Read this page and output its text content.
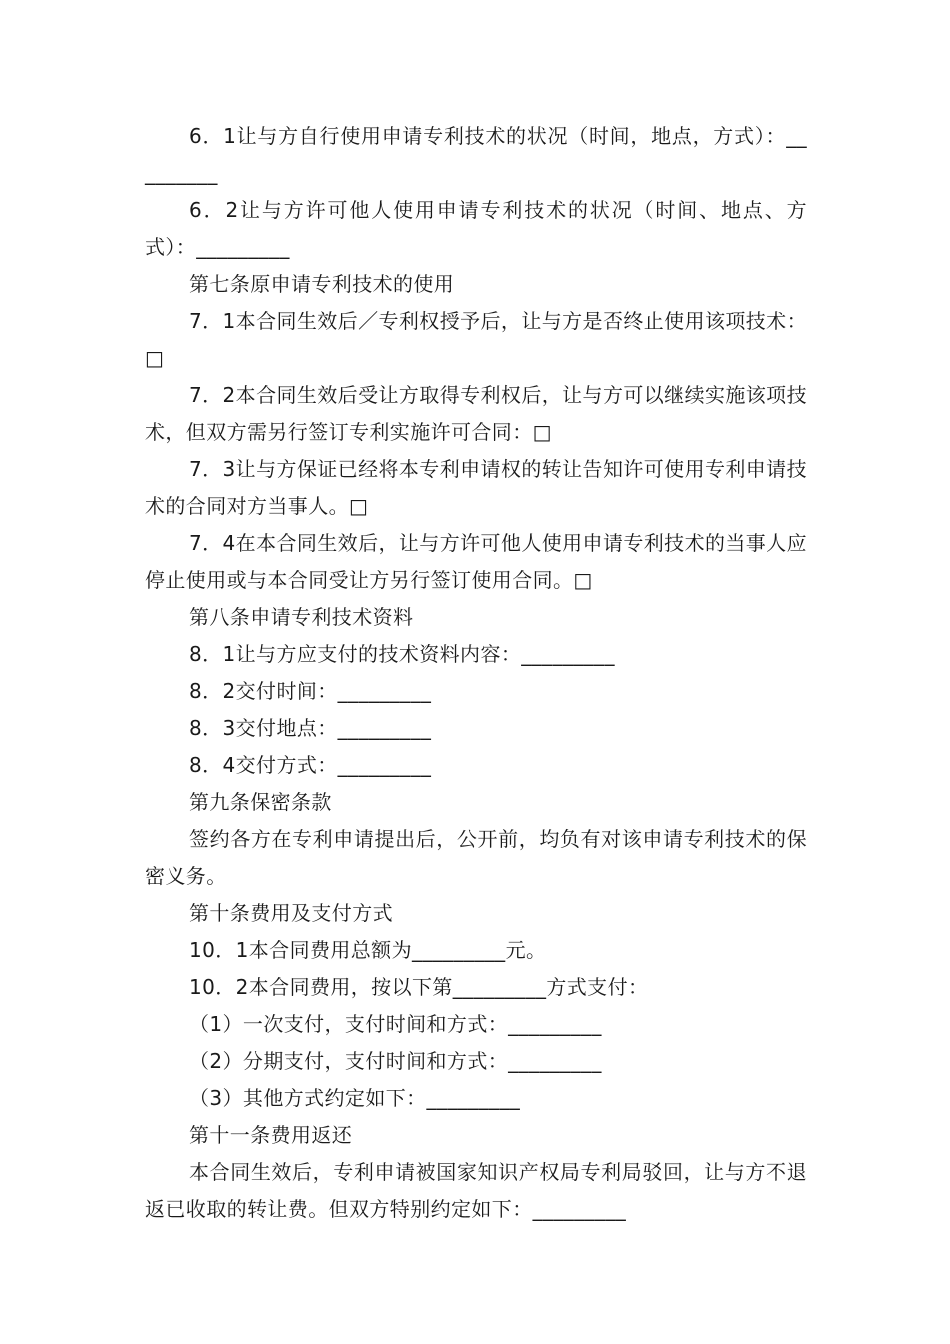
6．1让与方自行使用申请专利技术的状况（时间，地点，方式）：_________

6．2让与方许可他人使用申请专利技术的状况（时间、地点、方式）：_________

第七条原申请专利技术的使用

7．1本合同生效后／专利权授予后，让与方是否终止使用该项技术：□

7．2本合同生效后受让方取得专利权后，让与方可以继续实施该项技术，但双方需另行签订专利实施许可合同：□

7．3让与方保证已经将本专利申请权的转让告知许可使用专利申请技术的合同对方当事人。□

7．4在本合同生效后，让与方许可他人使用申请专利技术的当事人应停止使用或与本合同受让方另行签订使用合同。□

第八条申请专利技术资料

8．1让与方应支付的技术资料内容：_________

8．2交付时间：_________

8．3交付地点：_________

8．4交付方式：_________

第九条保密条款

签约各方在专利申请提出后，公开前，均负有对该申请专利技术的保密义务。

第十条费用及支付方式

10．1本合同费用总额为_________元。

10．2本合同费用，按以下第_________方式支付：

（1）一次支付，支付时间和方式：_________

（2）分期支付，支付时间和方式：_________

（3）其他方式约定如下：_________

第十一条费用返还

本合同生效后，专利申请被国家知识产权局专利局驳回，让与方不退返已收取的转让费。但双方特别约定如下：_________
